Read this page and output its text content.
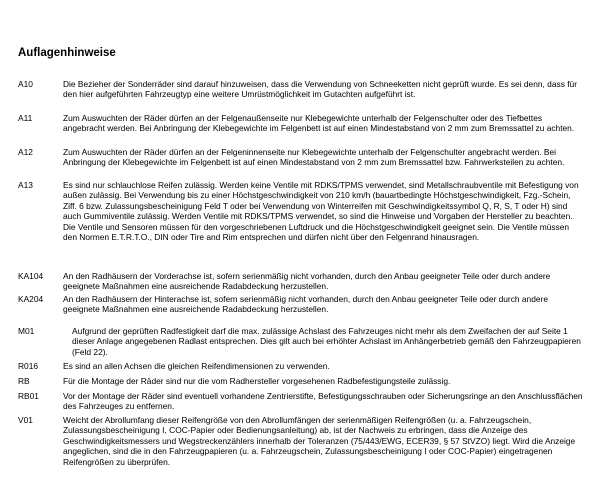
Auflagenhinweise
A10	Die Bezieher der Sonderräder sind darauf hinzuweisen, dass die Verwendung von Schneeketten nicht geprüft wurde. Es sei denn, dass für den hier aufgeführten Fahrzeugtyp eine weitere Umrüstmöglichkeit im Gutachten aufgeführt ist.

A11	Zum Auswuchten der Räder dürfen an der Felgenaußenseite nur Klebegewichte unterhalb der Felgenschulter oder des Tiefbettes angebracht werden. Bei Anbringung der Klebegewichte im Felgenbett ist auf einen Mindestabstand von 2 mm zum Bremssattel zu achten.

A12	Zum Auswuchten der Räder dürfen an der Felgeninnenseite nur Klebegewichte unterhalb der Felgenschulter angebracht werden. Bei Anbringung der Klebegewichte im Felgenbett ist auf einen Mindestabstand von 2 mm zum Bremssattel bzw. Fahrwerksteilen zu achten.

A13	Es sind nur schlauchlose Reifen zulässig. Werden keine Ventile mit RDKS/TPMS verwendet, sind Metallschraubventile mit Befestigung von außen zulässig. Bei Verwendung bis zu einer Höchstgeschwindigkeit von 210 km/h (bauartbedingte Höchstgeschwindigkeit, Fzg.-Schein, Ziff. 6 bzw. Zulassungsbescheinigung Feld T oder bei Verwendung von Winterreifen mit Geschwindigkeitssymbol Q, R, S, T oder H) sind auch Gummiventile zulässig. Werden Ventile mit RDKS/TPMS verwendet, so sind die Hinweise und Vorgaben der Hersteller zu beachten. Die Ventile und Sensoren müssen für den vorgeschriebenen Luftdruck und die Höchstgeschwindigkeit geeignet sein. Die Ventile müssen den Normen E.T.R.T.O., DIN oder Tire and Rim entsprechen und dürfen nicht über den Felgenrand hinausragen.

KA104 An den Radhäusern der Vorderachse ist, sofern serienmäßig nicht vorhanden, durch den Anbau geeigneter Teile oder durch andere geeignete Maßnahmen eine ausreichende Radabdeckung herzustellen.

KA204 An den Radhäusern der Hinterachse ist, sofern serienmäßig nicht vorhanden, durch den Anbau geeigneter Teile oder durch andere geeignete Maßnahmen eine ausreichende Radabdeckung herzustellen.

M01	Aufgrund der geprüften Radfestigkeit darf die max. zulässige Achslast des Fahrzeuges nicht mehr als dem Zweifachen der auf Seite 1 dieser Anlage angegebenen Radlast entsprechen. Dies gilt auch bei erhöhter Achslast im Anhängerbetrieb gemäß den Fahrzeugpapieren (Feld 22).

R016	Es sind an allen Achsen die gleichen Reifendimensionen zu verwenden.

RB	Für die Montage der Räder sind nur die vom Radhersteller vorgesehenen Radbefestigungsteile zulässig.

RB01	Vor der Montage der Räder sind eventuell vorhandene Zentrierstifte, Befestigungsschrauben oder Sicherungsringe an den Anschlussflächen des Fahrzeuges zu entfernen.

V01	Weicht der Abrollumfang dieser Reifengröße von den Abrollumfängen der serienmäßigen Reifengrößen (u. a. Fahrzeugschein, Zulassungsbescheinigung I, COC-Papier oder Bedienungsanleitung) ab, ist der Nachweis zu erbringen, dass die Anzeige des Geschwindigkeitsmessers und Wegstreckenzählers innerhalb der Toleranzen (75/443/EWG, ECER39, § 57 StVZO) liegt. Wird die Anzeige angeglichen, sind die in den Fahrzeugpapieren (u. a. Fahrzeugschein, Zulassungsbescheinigung I oder COC-Papier) eingetragenen Reifengrößen zu überprüfen.
